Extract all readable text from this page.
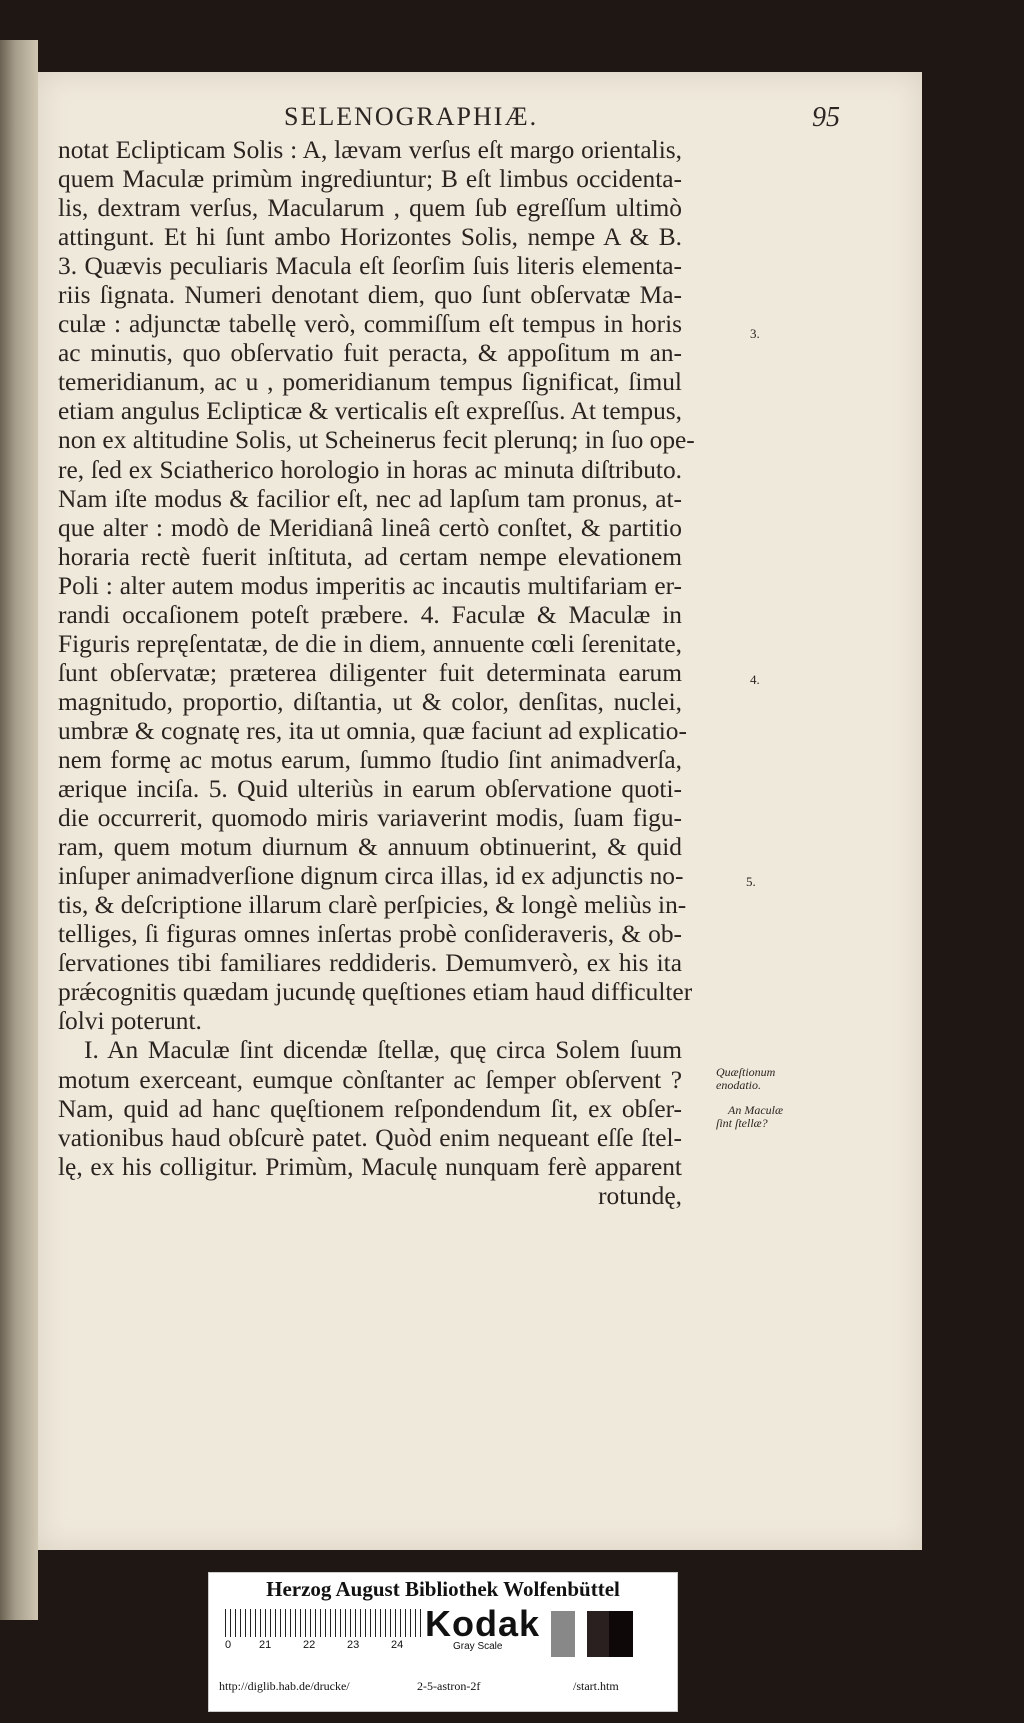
SELENOGRAPHIÆ.	95
notat Eclipticam Solis : A, lævam verſus eſt margo orientalis,
quem Maculæ primùm ingrediuntur; B eſt limbus occidenta-
lis, dextram verſus, Macularum , quem ſub egreſſum ultimò
attingunt. Et hi ſunt ambo Horizontes Solis, nempe A & B.
3. Quævis peculiaris Macula eſt ſeorſim ſuis literis elementa-
riis ſignata. Numeri denotant diem, quo ſunt obſervatæ Ma-
culæ : adjunctæ tabellę verò, commiſſum eſt tempus in horis
ac minutis, quo obſervatio fuit peracta, & appoſitum m an-
temeridianum, ac u , pomeridianum tempus ſignificat, ſimul
etiam angulus Eclipticæ & verticalis eſt expreſſus. At tempus,
non ex altitudine Solis, ut Scheinerus fecit plerunq; in ſuo ope-
re, ſed ex Sciatherico horologio in horas ac minuta diſtributo.
Nam iſte modus & facilior eſt, nec ad lapſum tam pronus, at-
que alter : modò de Meridianâ lineâ certò conſtet, & partitio
horaria rectè fuerit inſtituta, ad certam nempe elevationem
Poli : alter autem modus imperitis ac incautis multifariam er-
randi occaſionem poteſt præbere. 4. Faculæ & Maculæ in
Figuris repręſentatæ, de die in diem, annuente cœli ſerenitate,
ſunt obſervatæ; præterea diligenter fuit determinata earum
magnitudo, proportio, diſtantia, ut & color, denſitas, nuclei,
umbræ & cognatę res, ita ut omnia, quæ faciunt ad explicatio-
nem formę ac motus earum, ſummo ſtudio ſint animadverſa,
ærique inciſa. 5. Quid ulteriùs in earum obſervatione quoti-
die occurrerit, quomodo miris variaverint modis, ſuam figu-
ram, quem motum diurnum & annuum obtinuerint, & quid
inſuper animadverſione dignum circa illas, id ex adjunctis no-
tis, & deſcriptione illarum clarè perſpicies, & longè meliùs in-
telliges, ſi figuras omnes inſertas probè conſideraveris, & ob-
ſervationes tibi familiares reddideris. Demumverò, ex his ita
prǽcognitis quædam jucundę quęſtiones etiam haud difficulter
ſolvi poterunt.
I. An Maculæ ſint dicendæ ſtellæ, quę circa Solem ſuum
motum exerceant, eumque cònſtanter ac ſemper obſervent ?
Nam, quid ad hanc quęſtionem reſpondendum ſit, ex obſer-
vationibus haud obſcurè patet. Quòd enim nequeant eſſe ſtel-
lę, ex his colligitur. Primùm, Maculę nunquam ferè apparent
rotundę,
3.
4.
5.
Quæſtionum
enodatio.
An Maculæ
ſint ſtellæ?
Herzog August Bibliothek Wolfenbüttel
0	21	22	23	24
Kodak
Gray Scale
http://diglib.hab.de/drucke/	2-5-astron-2f	/start.htm
